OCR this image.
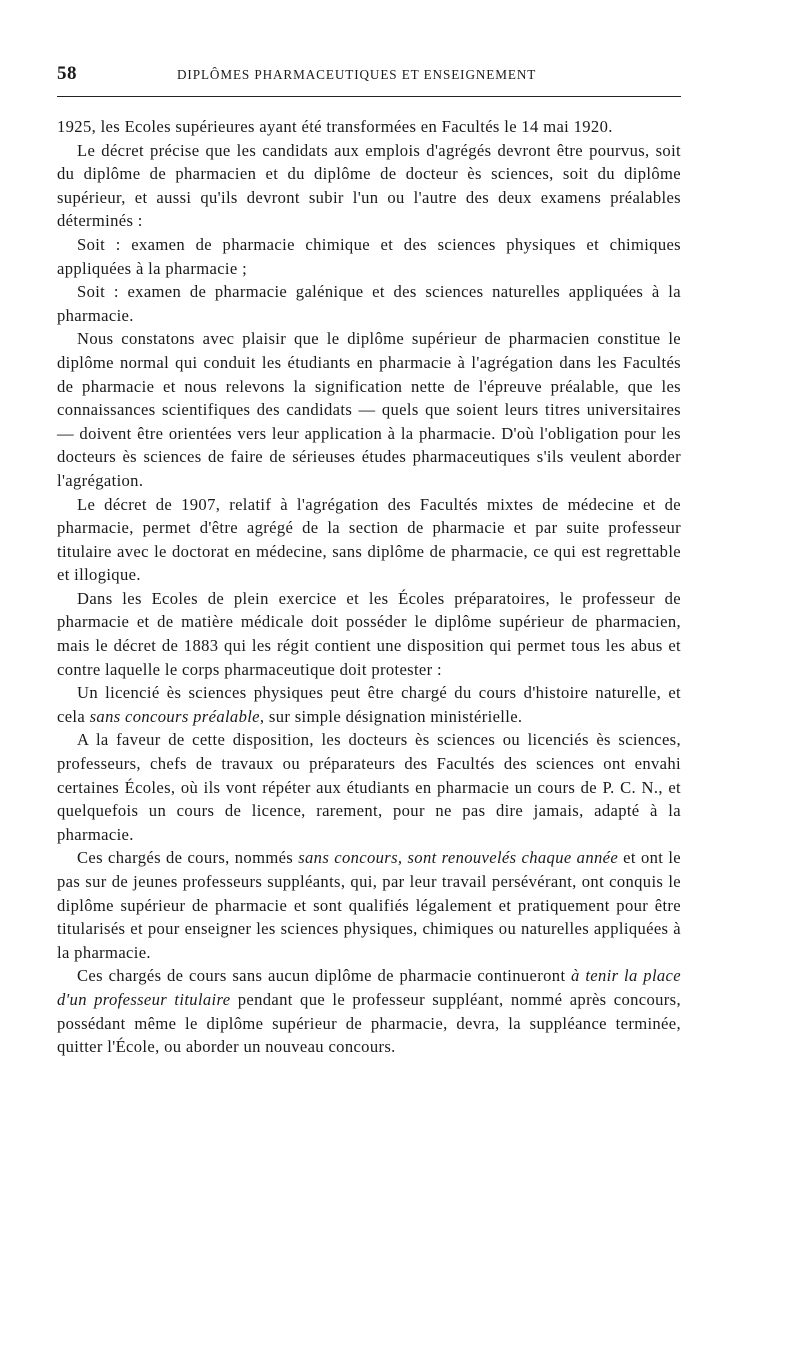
58	DIPLÔMES PHARMACEUTIQUES ET ENSEIGNEMENT

1925, les Ecoles supérieures ayant été transformées en Facultés le 14 mai 1920.

Le décret précise que les candidats aux emplois d'agrégés devront être pourvus, soit du diplôme de pharmacien et du diplôme de docteur ès sciences, soit du diplôme supérieur, et aussi qu'ils devront subir l'un ou l'autre des deux examens préalables déterminés :

Soit : examen de pharmacie chimique et des sciences physiques et chimiques appliquées à la pharmacie ;

Soit : examen de pharmacie galénique et des sciences naturelles appliquées à la pharmacie.

Nous constatons avec plaisir que le diplôme supérieur de pharmacien constitue le diplôme normal qui conduit les étudiants en pharmacie à l'agrégation dans les Facultés de pharmacie et nous relevons la signification nette de l'épreuve préalable, que les connaissances scientifiques des candidats — quels que soient leurs titres universitaires — doivent être orientées vers leur application à la pharmacie. D'où l'obligation pour les docteurs ès sciences de faire de sérieuses études pharmaceutiques s'ils veulent aborder l'agrégation.

Le décret de 1907, relatif à l'agrégation des Facultés mixtes de médecine et de pharmacie, permet d'être agrégé de la section de pharmacie et par suite professeur titulaire avec le doctorat en médecine, sans diplôme de pharmacie, ce qui est regrettable et illogique.

Dans les Ecoles de plein exercice et les Écoles préparatoires, le professeur de pharmacie et de matière médicale doit posséder le diplôme supérieur de pharmacien, mais le décret de 1883 qui les régit contient une disposition qui permet tous les abus et contre laquelle le corps pharmaceutique doit protester :

Un licencié ès sciences physiques peut être chargé du cours d'histoire naturelle, et cela sans concours préalable, sur simple désignation ministérielle.

A la faveur de cette disposition, les docteurs ès sciences ou licenciés ès sciences, professeurs, chefs de travaux ou préparateurs des Facultés des sciences ont envahi certaines Écoles, où ils vont répéter aux étudiants en pharmacie un cours de P. C. N., et quelquefois un cours de licence, rarement, pour ne pas dire jamais, adapté à la pharmacie.

Ces chargés de cours, nommés sans concours, sont renouvelés chaque année et ont le pas sur de jeunes professeurs suppléants, qui, par leur travail persévérant, ont conquis le diplôme supérieur de pharmacie et sont qualifiés légalement et pratiquement pour être titularisés et pour enseigner les sciences physiques, chimiques ou naturelles appliquées à la pharmacie.

Ces chargés de cours sans aucun diplôme de pharmacie continueront à tenir la place d'un professeur titulaire pendant que le professeur suppléant, nommé après concours, possédant même le diplôme supérieur de pharmacie, devra, la suppléance terminée, quitter l'École, ou aborder un nouveau concours.
